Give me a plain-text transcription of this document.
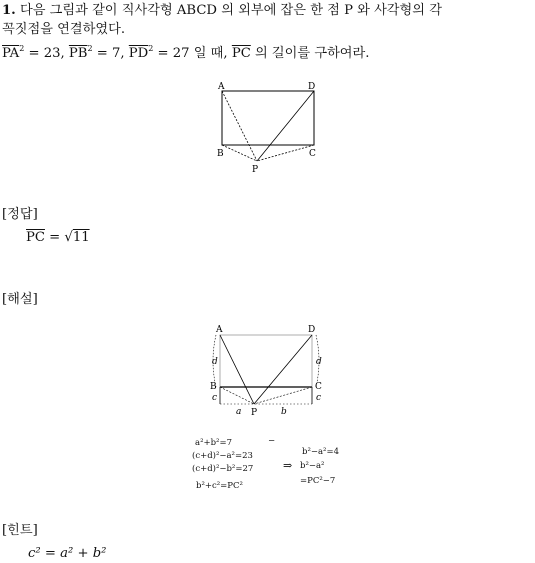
1. 다음 그림과 같이 직사각형 ABCD 의 외부에 잡은 한 점 P 와 사각형의 각
꼭짓점을 연결하였다.
$\overline{PA}^2 = 23$, $\overline{PB}^2 = 7$, $\overline{PD}^2 = 27$ 일 때, $\overline{PC}$ 의 길이를 구하여라.
A	D
B	C
P
[정답]
$\overline{PC} = √11$
[해설]
A	D
B	C
P
d	d
c	c
a	b
a²+b²=7
(c+d)²−a²=23
(c+d)²−b²=27
b²+c²=PC²
−
⇒
b²−a²=4
b²−a²
=PC²−7
[힌트]
c² = a² + b²
